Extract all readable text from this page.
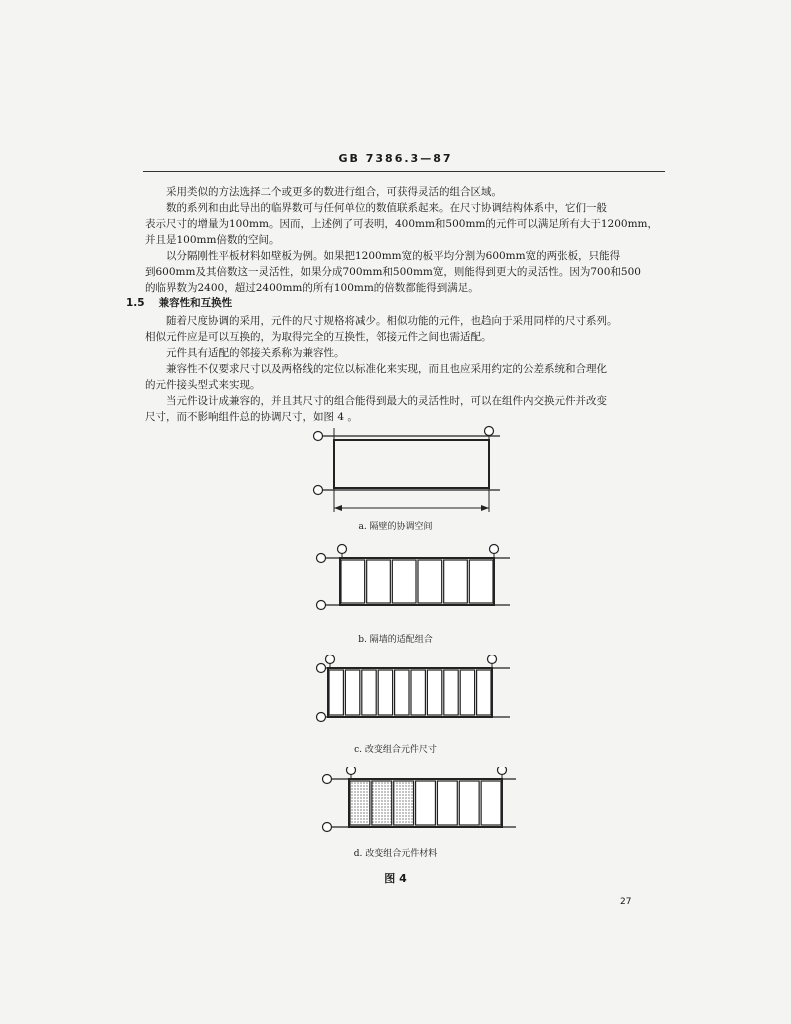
GB 7386.3—87

采用类似的方法选择二个或更多的数进行组合，可获得灵活的组合区域。

数的系列和由此导出的临界数可与任何单位的数值联系起来。在尺寸协调结构体系中，它们一般

表示尺寸的增量为100mm。因而，上述例了可表明，400mm和500mm的元件可以满足所有大于1200mm，

并且是100mm倍数的空间。

以分隔刚性平板材料如壁板为例。如果把1200mm宽的板平均分割为600mm宽的两张板，只能得

到600mm及其倍数这一灵活性，如果分成700mm和500mm宽，则能得到更大的灵活性。因为700和500

的临界数为2400，超过2400mm的所有100mm的倍数都能得到满足。

1.5 兼容性和互换性

随着尺度协调的采用，元件的尺寸规格将减少。相似功能的元件，也趋向于采用同样的尺寸系列。

相似元件应是可以互换的，为取得完全的互换性，邻接元件之间也需适配。

元件具有适配的邻接关系称为兼容性。

兼容性不仅要求尺寸以及两格线的定位以标准化来实现，而且也应采用约定的公差系统和合理化

的元件接头型式来实现。

当元件设计成兼容的，并且其尺寸的组合能得到最大的灵活性时，可以在组件内交换元件并改变

尺寸，而不影响组件总的协调尺寸，如图 4 。

a. 隔壁的协调空间
b. 隔墙的适配组合
c. 改变组合元件尺寸
d. 改变组合元件材料
图 4
27
